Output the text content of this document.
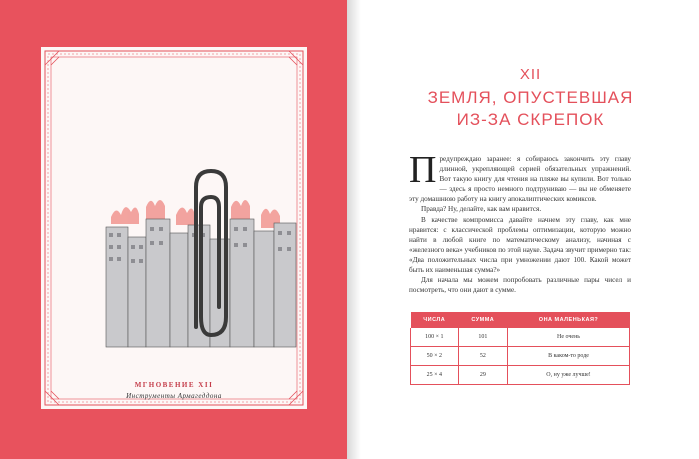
МГНОВЕНИЕ XII
Инструменты Армагеддона
XII
ЗЕМЛЯ, ОПУСТЕВШАЯ
ИЗ-ЗА СКРЕПОК

Предупреждаю заранее: я собираюсь закончить эту главу длинной, укрепляющей серией обязательных упражнений. Вот такую книгу для чтения на пляже вы купили. Вот только — здесь я просто немного подтруниваю — вы не обменяете эту домашнюю работу на книгу апокалиптических комиксов.

Правда? Ну, делайте, как вам нравится.

В качестве компромисса давайте начнем эту главу, как мне нравится: с классической проблемы оптимизации, которую можно найти в любой книге по математическому анализу, начиная с «железного века» учебников по этой науке. Задача звучит примерно так: «Два положительных числа при умножении дают 100. Какой может быть их наименьшая сумма?»

Для начала мы можем попробовать различные пары чисел и посмотреть, что они дают в сумме.

ЧИСЛА	СУММА	ОНА МАЛЕНЬКАЯ?
100 × 1	101	Не очень
50 × 2	52	В каком-то роде
25 × 4	29	О, ну уже лучше!
